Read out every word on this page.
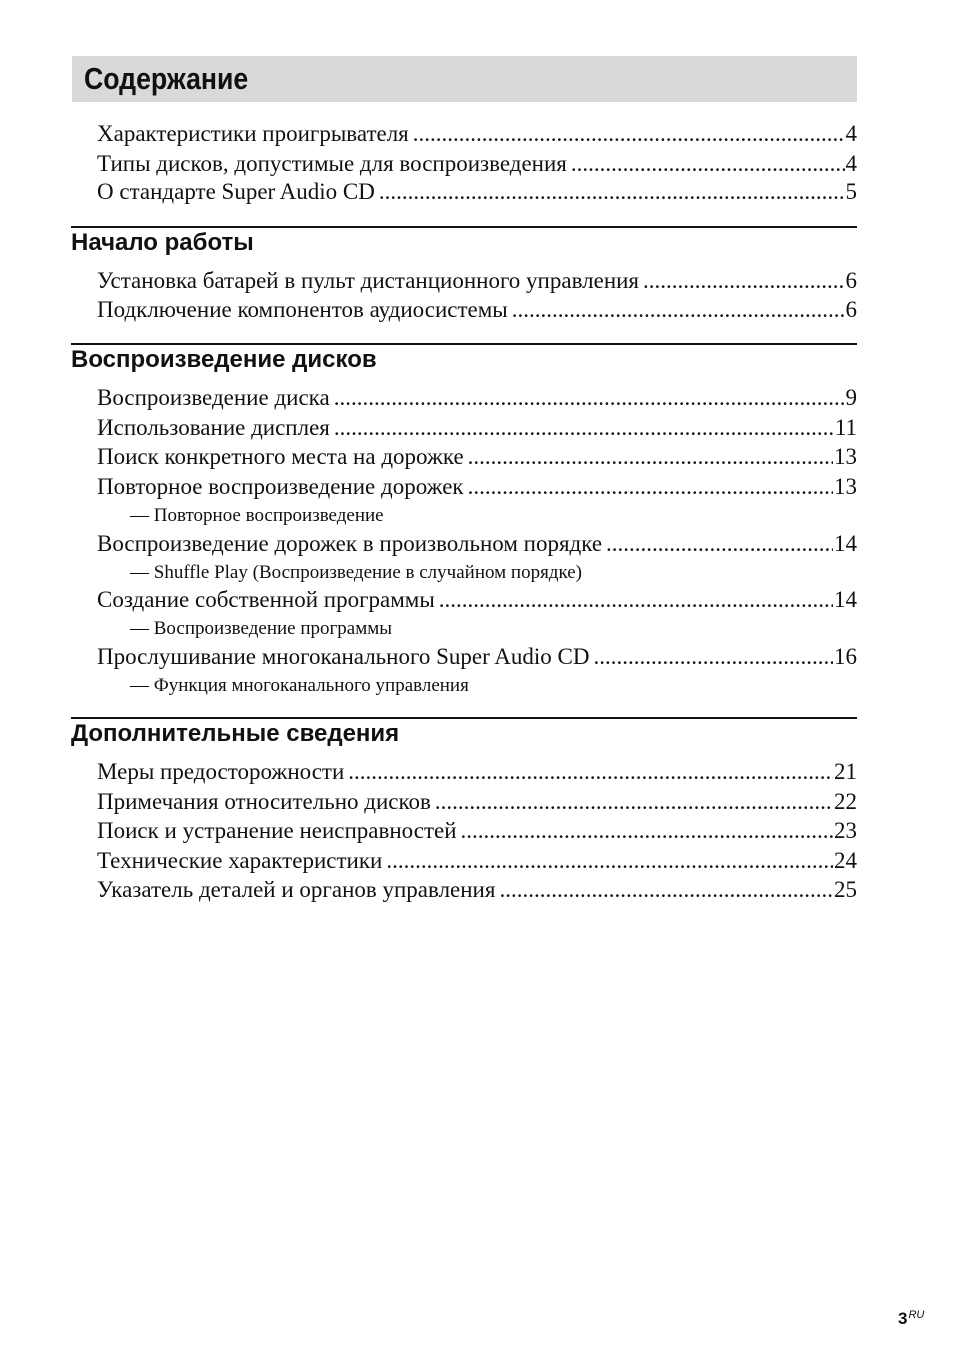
Содержание
Характеристики проигрывателя .....	4
Типы дисков, допустимые для воспроизведения .....	4
О стандарте Super Audio CD .....	5
Начало работы
Установка батарей в пульт дистанционного управления .....	6
Подключение компонентов аудиосистемы .....	6
Воспроизведение дисков
Воспроизведение диска .....	9
Использование дисплея .....	11
Поиск конкретного места на дорожке .....	13
Повторное воспроизведение дорожек .....	13
— Повторное воспроизведение
Воспроизведение дорожек в произвольном порядке .....	14
— Shuffle Play (Воспроизведение в случайном порядке)
Создание собственной программы .....	14
— Воспроизведение программы
Прослушивание многоканального Super Audio CD .....	16
— Функция многоканального управления
Дополнительные сведения
Меры предосторожности .....	21
Примечания относительно дисков .....	22
Поиск и устранение неисправностей .....	23
Технические характеристики .....	24
Указатель деталей и органов управления .....	25
$3^{RU}$
